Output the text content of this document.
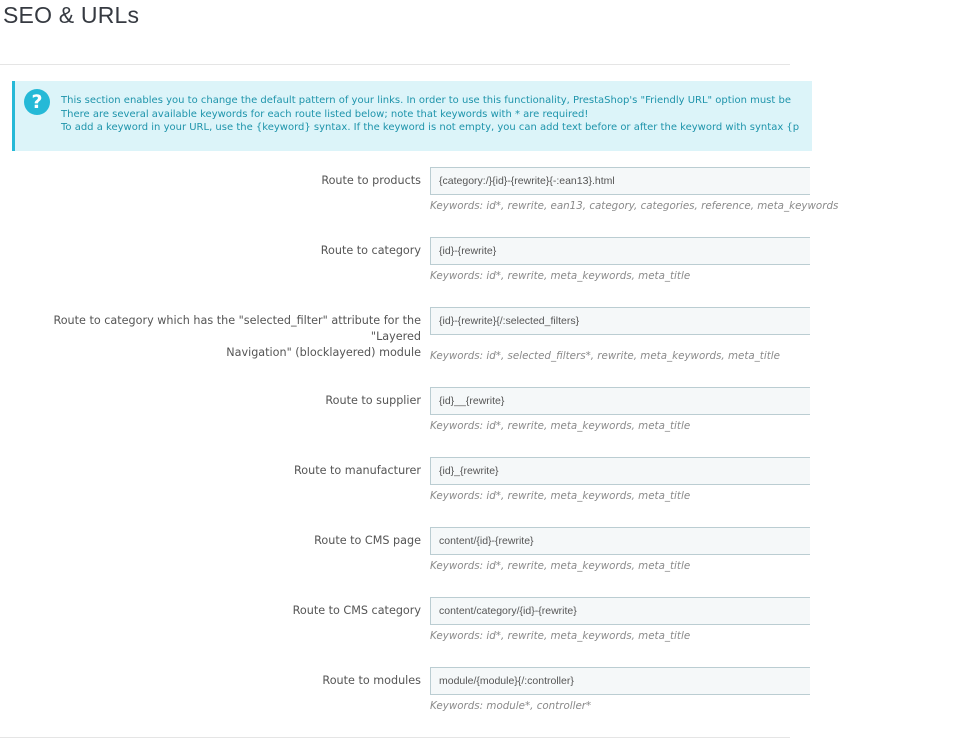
SEO & URLs
?	This section enables you to change the default pattern of your links. In order to use this functionality, PrestaShop's "Friendly URL" option must be
There are several available keywords for each route listed below; note that keywords with * are required!
To add a keyword in your URL, use the {keyword} syntax. If the keyword is not empty, you can add text before or after the keyword with syntax {p
Route to products
{category:/}{id}-{rewrite}{-:ean13}.html
Keywords: id*, rewrite, ean13, category, categories, reference, meta_keywords
Route to category
{id}-{rewrite}
Keywords: id*, rewrite, meta_keywords, meta_title
Route to category which has the "selected_filter" attribute for the "Layered
Navigation" (blocklayered) module
{id}-{rewrite}{/:selected_filters} Keywords: id*, selected_filters*, rewrite, meta_keywords, meta_title
Route to supplier
{id}__{rewrite}
Keywords: id*, rewrite, meta_keywords, meta_title
Route to manufacturer
{id}_{rewrite}
Keywords: id*, rewrite, meta_keywords, meta_title
Route to CMS page
content/{id}-{rewrite}
Keywords: id*, rewrite, meta_keywords, meta_title
Route to CMS category
content/category/{id}-{rewrite}
Keywords: id*, rewrite, meta_keywords, meta_title
Route to modules
module/{module}{/:controller}
Keywords: module*, controller*
